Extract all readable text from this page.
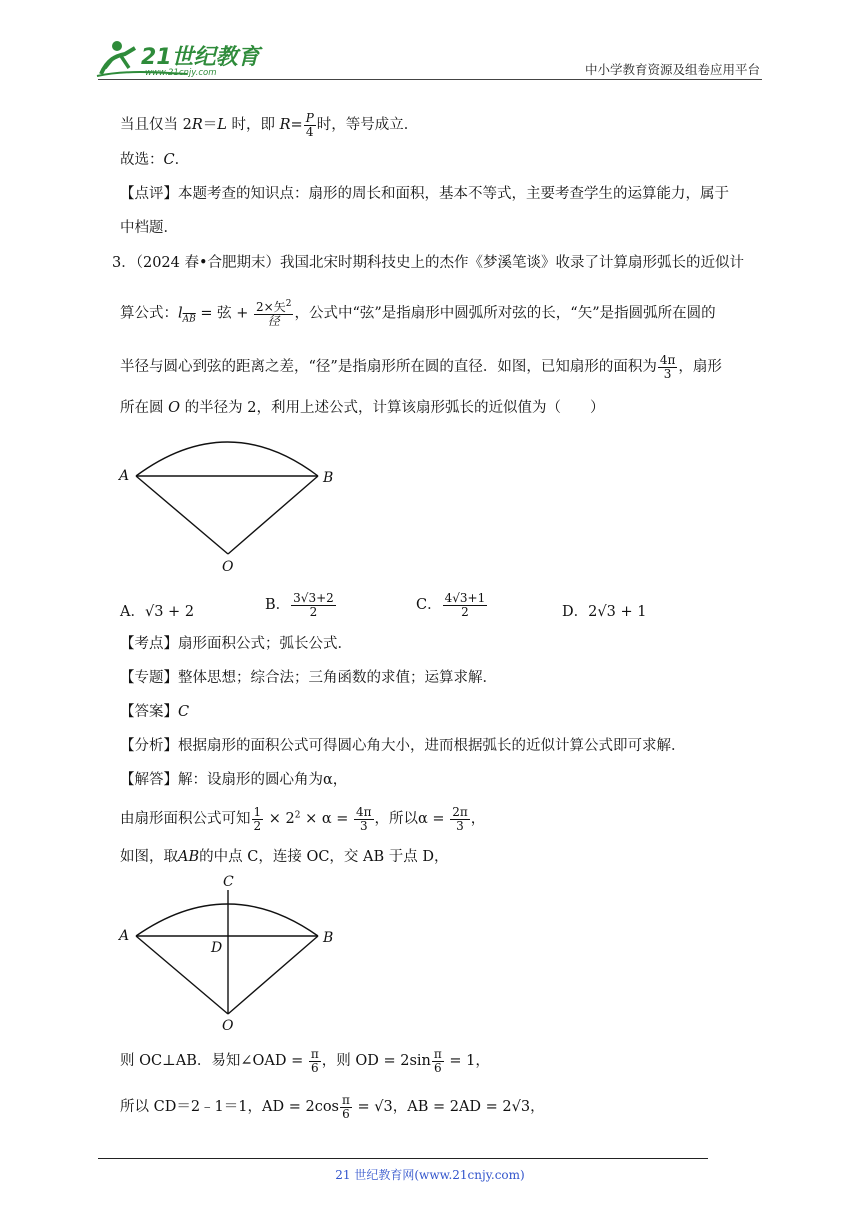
21世纪教育
www.21cnjy.com	中小学教育资源及组卷应用平台
当且仅当 2R＝L 时，即 $R= \frac{P}{4}$ 时，等号成立．
故选：C．
【点评】本题考查的知识点：扇形的周长和面积，基本不等式，主要考查学生的运算能力，属于
中档题．
3．（2024 春•合肥期末）我国北宋时期科技史上的杰作《梦溪笔谈》收录了计算扇形弧长的近似计
算公式：$l_{\overline{AB}}$ = 弦 + $\frac{2\times 矢^2}{\text{径}}$ ，公式中“弦”是指扇形中圆弧所对弦的长，“矢”是指圆弧所在圆的
半径与圆心到弦的距离之差，“径”是指扇形所在圆的直径．如图，已知扇形的面积为 $\frac{4\pi}{3}$ ，扇形
所在圆 O 的半径为 2，利用上述公式，计算该扇形弧长的近似值为（　　）
A	B
O
A．√3 + 2	B． $\frac{3√3+2}{2}$	C． $\frac{4√3+1}{2}$	D．2√3 + 1
【考点】扇形面积公式；弧长公式．
【专题】整体思想；综合法；三角函数的求值；运算求解．
【答案】C
【分析】根据扇形的面积公式可得圆心角大小，进而根据弧长的近似计算公式即可求解．
【解答】解：设扇形的圆心角为α，
由扇形面积公式可知 $\frac{1}{2} \times 2^2 \times \alpha = \frac{4\pi}{3}$ ，所以$\alpha = \frac{2\pi}{3}$ ，
如图，取AB的中点 C，连接 OC，交 AB 于点 D，
A	B
C
D
O
则 OC⊥AB．易知∠OAD = $\frac{\pi}{6}$ ，则 OD = $2\sin \frac{\pi}{6} = 1$，
所以 CD＝2﹣1＝1，AD = $2\cos \frac{\pi}{6} = √3$，AB = 2AD = 2√3，
21 世纪教育网(www.21cnjy.com)
